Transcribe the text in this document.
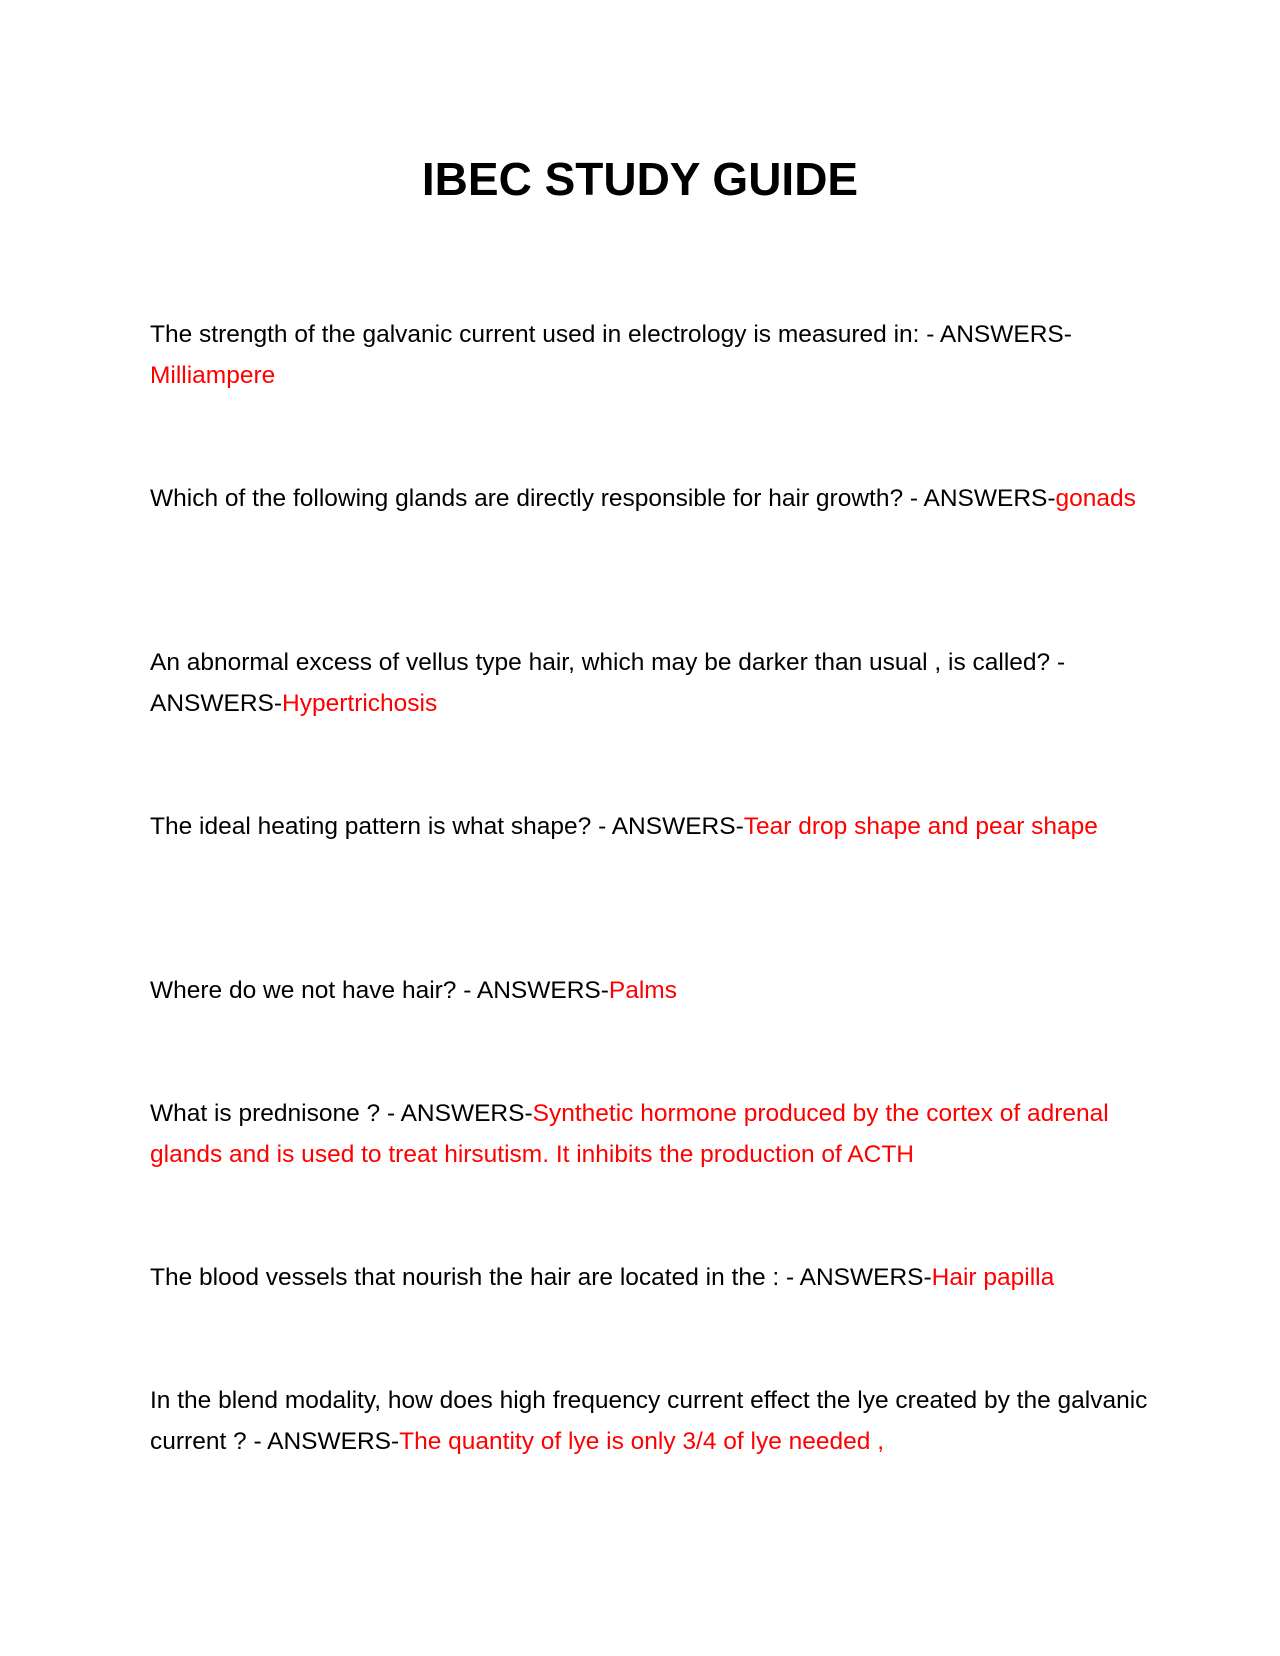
IBEC STUDY GUIDE
The strength of the galvanic current used in electrology is measured in: - ANSWERS-Milliampere
Which of the following glands are directly responsible for hair growth? - ANSWERS-gonads
An abnormal excess of vellus type hair, which may be darker than usual , is called? - ANSWERS-Hypertrichosis
The ideal heating pattern is what shape? - ANSWERS-Tear drop shape and pear shape
Where do we not have hair? - ANSWERS-Palms
What is prednisone ? - ANSWERS-Synthetic hormone produced by the cortex of adrenal glands and is used to treat hirsutism. It inhibits the production of ACTH
The blood vessels that nourish the hair are located in the : - ANSWERS-Hair papilla
In the blend modality, how does high frequency current effect the lye created by the galvanic current ? - ANSWERS-The quantity of lye is only 3/4 of lye needed ,
